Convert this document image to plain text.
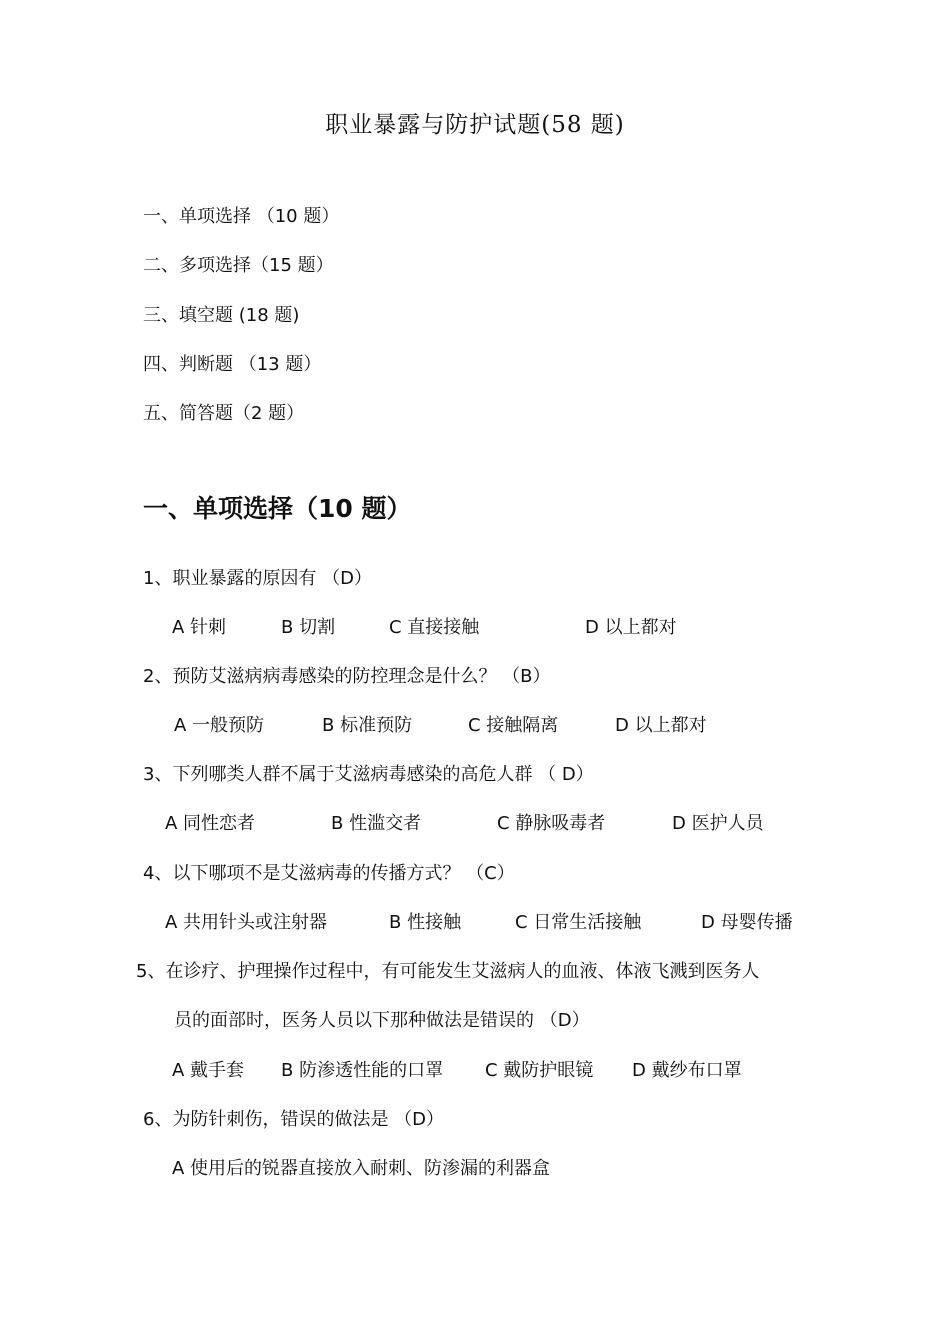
职业暴露与防护试题(58 题)
一、单项选择 （10 题）
二、多项选择（15 题）
三、填空题 (18 题)
四、判断题 （13 题）
五、简答题（2 题）
一、单项选择（10 题）
1、职业暴露的原因有 （D）
A 针刺	B 切割	C 直接接触	D 以上都对
2、预防艾滋病病毒感染的防控理念是什么？ （B）
A 一般预防	B 标准预防	C 接触隔离	D 以上都对
3、下列哪类人群不属于艾滋病毒感染的高危人群 （ D）
A 同性恋者	B 性滥交者	C 静脉吸毒者	D 医护人员
4、以下哪项不是艾滋病毒的传播方式？ （C）
A 共用针头或注射器	B 性接触	C 日常生活接触	D 母婴传播
5、在诊疗、护理操作过程中，有可能发生艾滋病人的血液、体液飞溅到医务人
员的面部时，医务人员以下那种做法是错误的 （D）
A 戴手套 B 防渗透性能的口罩 C 戴防护眼镜 D 戴纱布口罩
6、为防针刺伤，错误的做法是 （D）
A 使用后的锐器直接放入耐刺、防渗漏的利器盒
